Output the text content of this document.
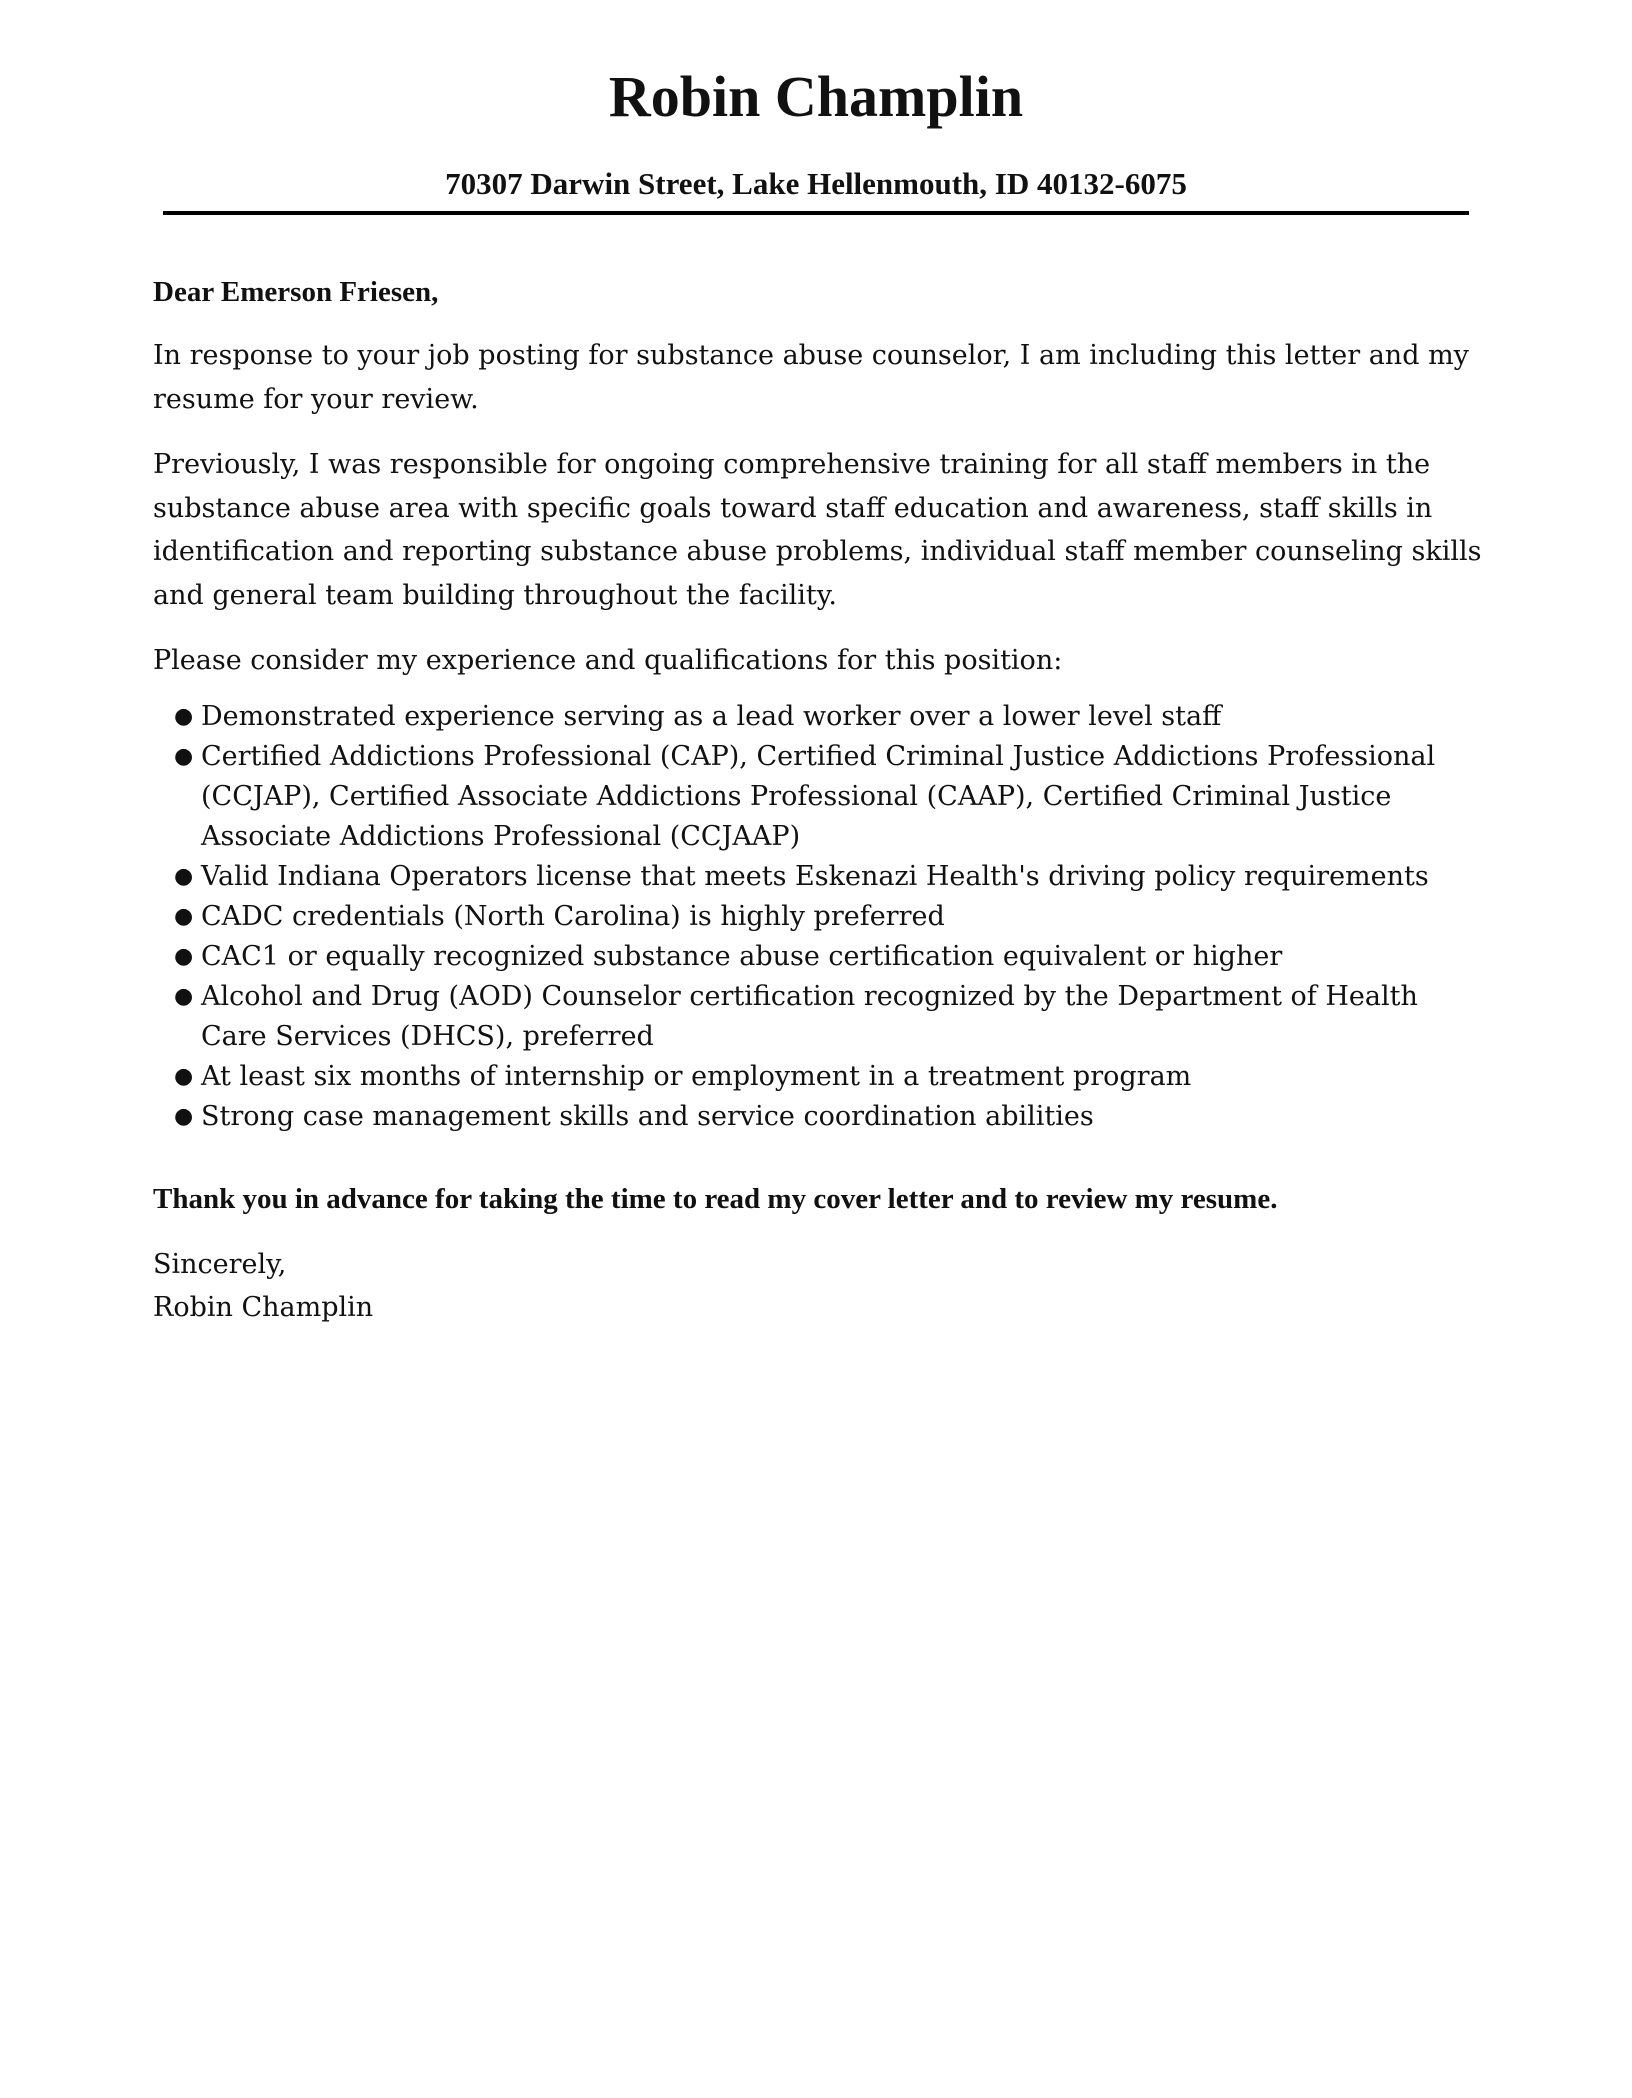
Robin Champlin
70307 Darwin Street, Lake Hellenmouth, ID 40132-6075

Dear Emerson Friesen,

In response to your job posting for substance abuse counselor, I am including this letter and my resume for your review.

Previously, I was responsible for ongoing comprehensive training for all staff members in the substance abuse area with specific goals toward staff education and awareness, staff skills in identification and reporting substance abuse problems, individual staff member counseling skills and general team building throughout the facility.

Please consider my experience and qualifications for this position:

● Demonstrated experience serving as a lead worker over a lower level staff
● Certified Addictions Professional (CAP), Certified Criminal Justice Addictions Professional (CCJAP), Certified Associate Addictions Professional (CAAP), Certified Criminal Justice Associate Addictions Professional (CCJAAP)
● Valid Indiana Operators license that meets Eskenazi Health's driving policy requirements
● CADC credentials (North Carolina) is highly preferred
● CAC1 or equally recognized substance abuse certification equivalent or higher
● Alcohol and Drug (AOD) Counselor certification recognized by the Department of Health Care Services (DHCS), preferred
● At least six months of internship or employment in a treatment program
● Strong case management skills and service coordination abilities

Thank you in advance for taking the time to read my cover letter and to review my resume.

Sincerely,
Robin Champlin
